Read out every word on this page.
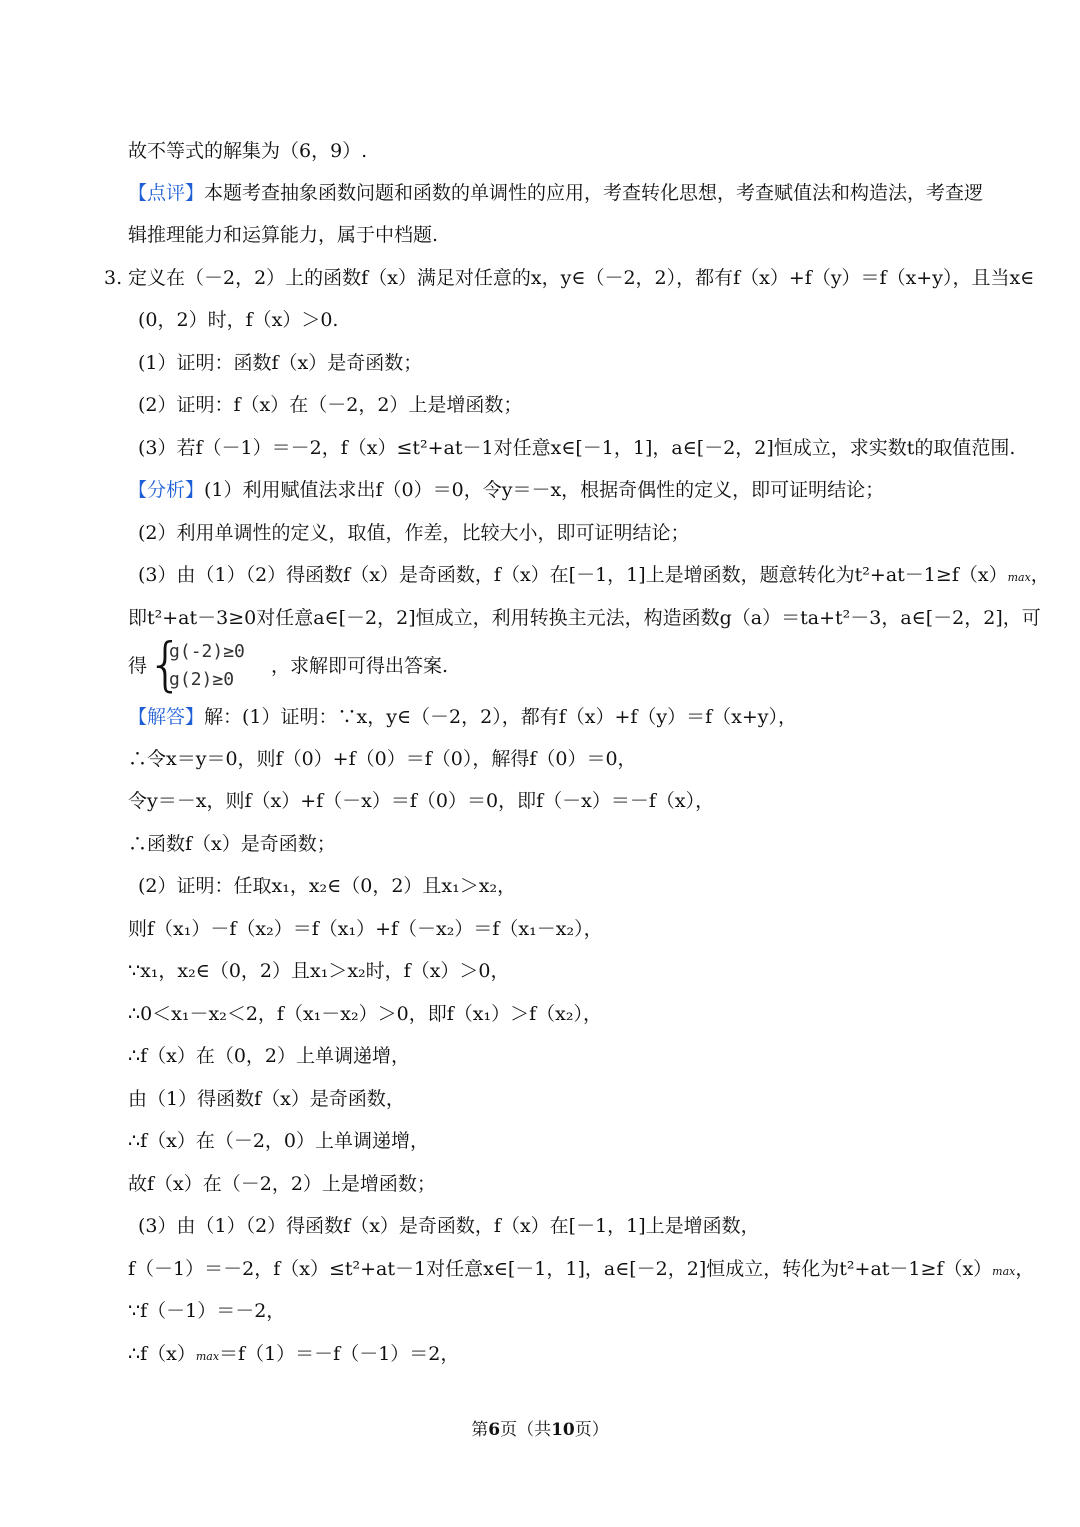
故不等式的解集为（6，9）.
【点评】本题考查抽象函数问题和函数的单调性的应用，考查转化思想，考查赋值法和构造法，考查逻
辑推理能力和运算能力，属于中档题.
3. 定义在（－2，2）上的函数f（x）满足对任意的x，y∈（－2，2），都有f（x）+f（y）＝f（x+y），且当x∈
(0，2）时，f（x）＞0.
(1）证明：函数f（x）是奇函数；
(2）证明：f（x）在（－2，2）上是增函数；
(3）若f（－1）＝－2，f（x）≤t²+at－1对任意x∈[－1，1]，a∈[－2，2]恒成立，求实数t的取值范围.
【分析】(1）利用赋值法求出f（0）＝0，令y＝－x，根据奇偶性的定义，即可证明结论；
(2）利用单调性的定义，取值，作差，比较大小，即可证明结论；
(3）由（1）（2）得函数f（x）是奇函数，f（x）在[－1，1]上是增函数，题意转化为t²+at－1≥f（x）max，
即t²+at－3≥0对任意a∈[－2，2]恒成立，利用转换主元法，构造函数g（a）＝ta+t²－3，a∈[－2，2]，可
得 {
g(-2)≥0
g(2)≥0
，求解即可得出答案.
【解答】解：(1）证明：∵x，y∈（－2，2），都有f（x）+f（y）＝f（x+y），
∴令x＝y＝0，则f（0）+f（0）＝f（0），解得f（0）＝0，
令y＝－x，则f（x）+f（－x）＝f（0）＝0，即f（－x）＝－f（x），
∴函数f（x）是奇函数；
(2）证明：任取x₁，x₂∈（0，2）且x₁＞x₂，
则f（x₁）－f（x₂）＝f（x₁）+f（－x₂）＝f（x₁－x₂），
∵x₁，x₂∈（0，2）且x₁＞x₂时，f（x）＞0，
∴0＜x₁－x₂＜2，f（x₁－x₂）＞0，即f（x₁）＞f（x₂），
∴f（x）在（0，2）上单调递增，
由（1）得函数f（x）是奇函数，
∴f（x）在（－2，0）上单调递增，
故f（x）在（－2，2）上是增函数；
(3）由（1）（2）得函数f（x）是奇函数，f（x）在[－1，1]上是增函数，
f（－1）＝－2，f（x）≤t²+at－1对任意x∈[－1，1]，a∈[－2，2]恒成立，转化为t²+at－1≥f（x）max，
∵f（－1）＝－2，
∴f（x）max＝f（1）＝－f（－1）＝2，
第6页（共10页）
